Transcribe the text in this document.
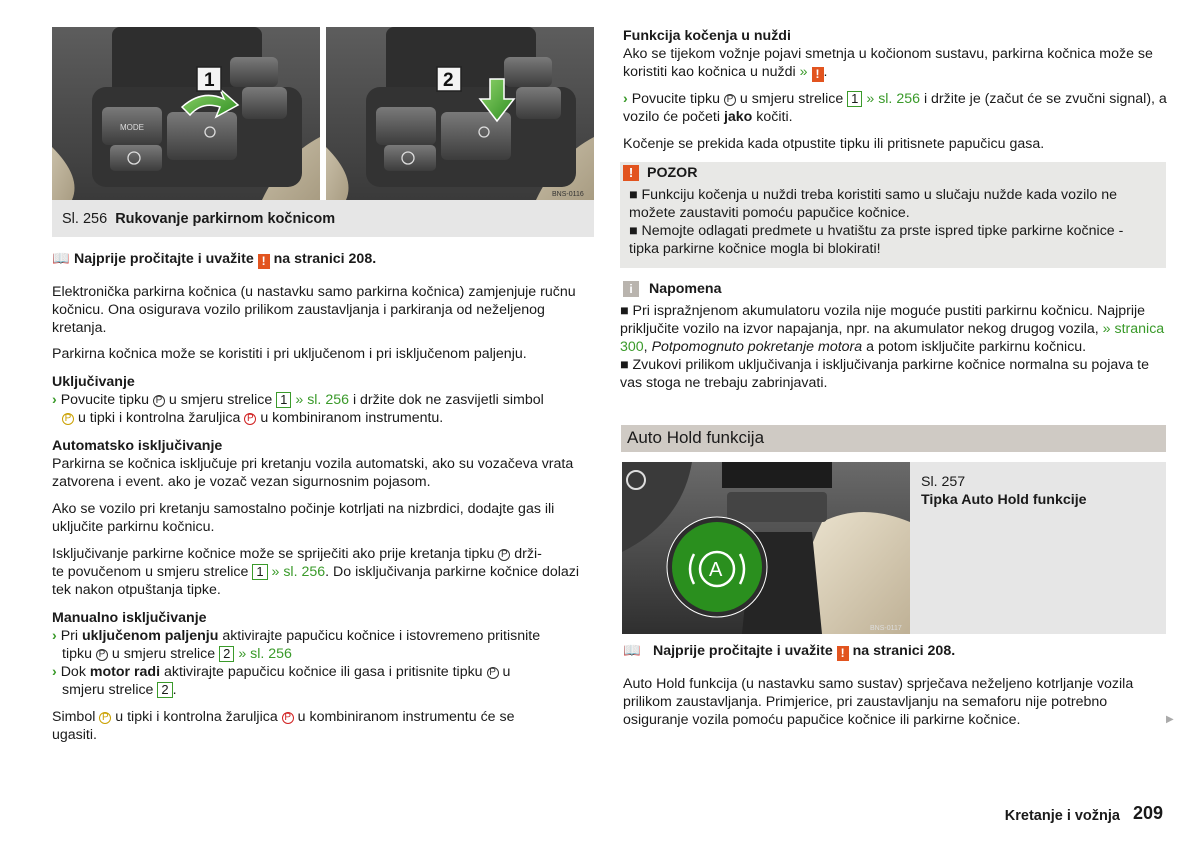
MODE
1	2
BNS-0116

Sl. 256 Rukovanje parkirnom kočnicom

📖 Najprije pročitajte i uvažite ! na stranici 208.

Elektronička parkirna kočnica (u nastavku samo parkirna kočnica) zamjenjuje ručnu kočnicu. Ona osigurava vozilo prilikom zaustavljanja i parkiranja od neželjenog kretanja.

Parkirna kočnica može se koristiti i pri uključenom i pri isključenom paljenju.

Uključivanje

› Povucite tipku P u smjeru strelice 1 » sl. 256 i držite dok ne zasvijetli simbol

P u tipki i kontrolna žaruljica P u kombiniranom instrumentu.

Automatsko isključivanje

Parkirna se kočnica isključuje pri kretanju vozila automatski, ako su vozačeva vrata zatvorena i event. ako je vozač vezan sigurnosnim pojasom.

Ako se vozilo pri kretanju samostalno počinje kotrljati na nizbrdici, dodajte gas ili uključite parkirnu kočnicu.

Isključivanje parkirne kočnice može se spriječiti ako prije kretanja tipku P drži-
te povučenom u smjeru strelice 1 » sl. 256. Do isključivanja parkirne kočnice dolazi tek nakon otpuštanja tipke.

Manualno isključivanje

› Pri uključenom paljenju aktivirajte papučicu kočnice i istovremeno pritisnite

tipku P u smjeru strelice 2 » sl. 256

› Dok motor radi aktivirajte papučicu kočnice ili gasa i pritisnite tipku P u

smjeru strelice 2 .

Simbol P u tipki i kontrolna žaruljica P u kombiniranom instrumentu će se
ugasiti.

Funkcija kočenja u nuždi

Ako se tijekom vožnje pojavi smetnja u kočionom sustavu, parkirna kočnica može se koristiti kao kočnica u nuždi » ! .

› Povucite tipku P u smjeru strelice 1 » sl. 256 i držite je (začut će se zvučni signal), a vozilo će početi jako kočiti.

Kočenje se prekida kada otpustite tipku ili pritisnete papučicu gasa.

! POZOR

■ Funkciju kočenja u nuždi treba koristiti samo u slučaju nužde kada vozilo ne možete zaustaviti pomoću papučice kočnice.

■ Nemojte odlagati predmete u hvatištu za prste ispred tipke parkirne kočnice - tipka parkirne kočnice mogla bi blokirati!

i Napomena

■ Pri ispražnjenom akumulatoru vozila nije moguće pustiti parkirnu kočnicu. Najprije priključite vozilo na izvor napajanja, npr. na akumulator nekog drugog vozila, » stranica 300, Potpomognuto pokretanje motora a potom isključite parkirnu kočnicu.

■ Zvukovi prilikom uključivanja i isključivanja parkirne kočnice normalna su pojava te vas stoga ne trebaju zabrinjavati.

Auto Hold funkcija
A
BNS-0117

Sl. 257

Tipka Auto Hold funkcije

📖 Najprije pročitajte i uvažite ! na stranici 208.

Auto Hold funkcija (u nastavku samo sustav) sprječava neželjeno kotrljanje vozila prilikom zaustavljanja. Primjerice, pri zaustavljanju na semaforu nije potrebno osiguranje vozila pomoću papučice kočnice ili parkirne kočnice.	▶
Kretanje i vožnja 209
